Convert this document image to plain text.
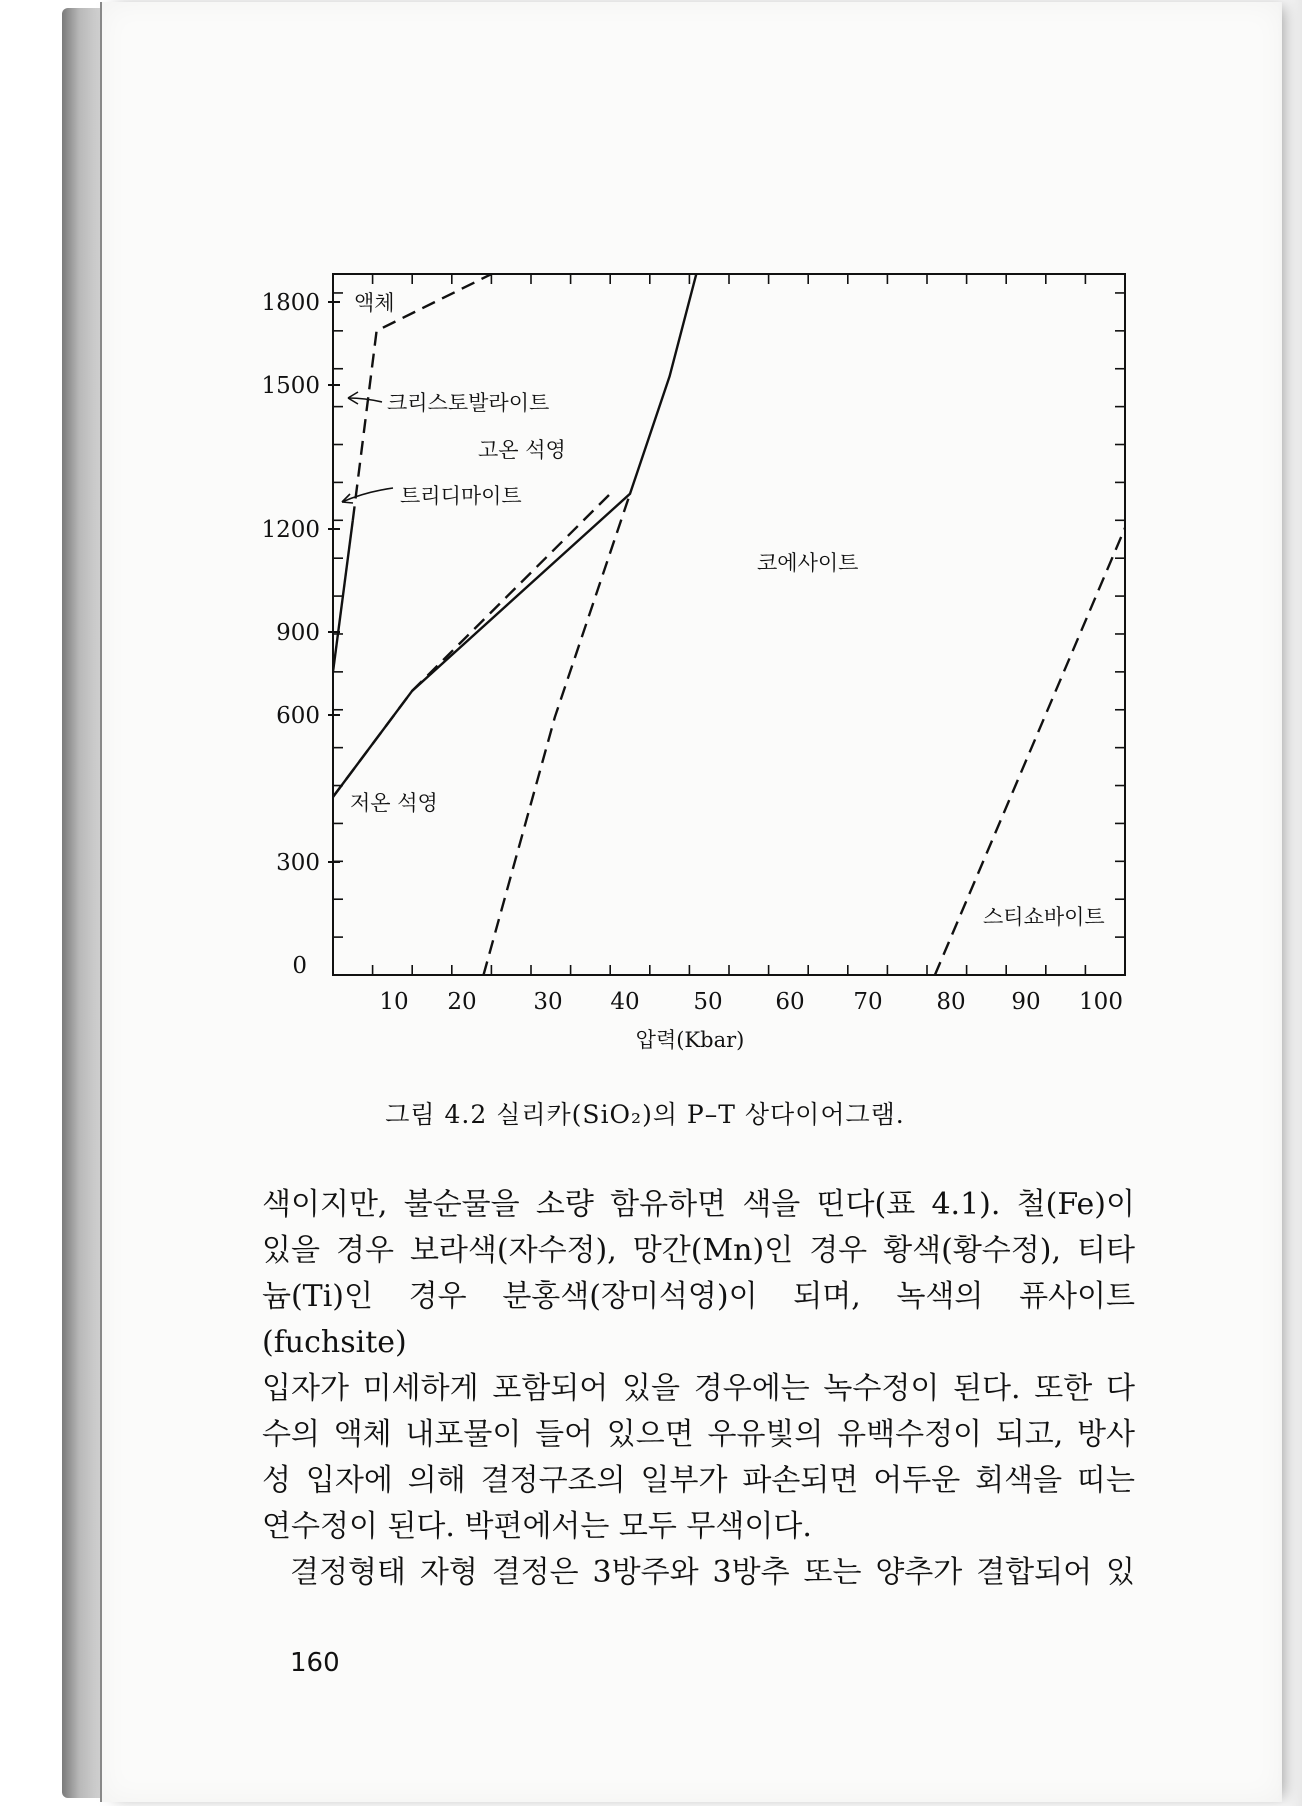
10 20 30 40 50 60 70 80 90 100
0
300
600
900
1200
1500
1800 액체
크리스토발라이트
고온 석영
트리디마이트
코에사이트
저온 석영
스티쇼바이트
압력(Kbar)
그림 4.2 실리카(SiO₂)의 P–T 상다이어그램.

색이지만, 불순물을 소량 함유하면 색을 띤다(표 4.1). 철(Fe)이

있을 경우 보라색(자수정), 망간(Mn)인 경우 황색(황수정), 티타

늄(Ti)인 경우 분홍색(장미석영)이 되며, 녹색의 퓨사이트(fuchsite)

입자가 미세하게 포함되어 있을 경우에는 녹수정이 된다. 또한 다

수의 액체 내포물이 들어 있으면 우유빛의 유백수정이 되고, 방사

성 입자에 의해 결정구조의 일부가 파손되면 어두운 회색을 띠는

연수정이 된다. 박편에서는 모두 무색이다.

결정형태 자형 결정은 3방주와 3방추 또는 양추가 결합되어 있

160
